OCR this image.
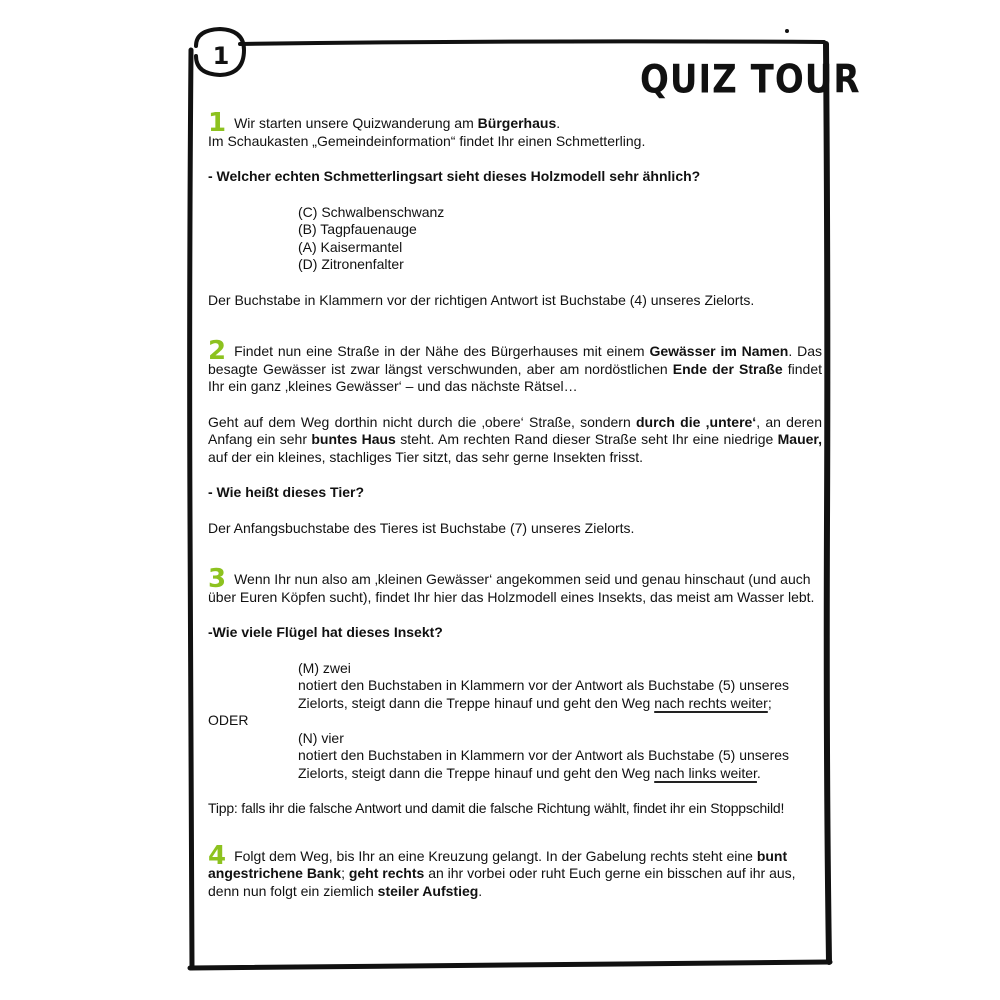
1
QUIZ TOUR

1 Wir starten unsere Quizwanderung am Bürgerhaus.

Im Schaukasten „Gemeindeinformation“ findet Ihr einen Schmetterling.

- Welcher echten Schmetterlingsart sieht dieses Holzmodell sehr ähnlich?

(C) Schwalbenschwanz
(B) Tagpfauenauge
(A) Kaisermantel
(D) Zitronenfalter

Der Buchstabe in Klammern vor der richtigen Antwort ist Buchstabe (4) unseres Zielorts.

2 Findet nun eine Straße in der Nähe des Bürgerhauses mit einem Gewässer im Namen. Das besagte Gewässer ist zwar längst verschwunden, aber am nordöstlichen Ende der Straße findet Ihr ein ganz ‚kleines Gewässer‘ – und das nächste Rätsel…

Geht auf dem Weg dorthin nicht durch die ‚obere‘ Straße, sondern durch die ‚untere‘, an deren Anfang ein sehr buntes Haus steht. Am rechten Rand dieser Straße seht Ihr eine niedrige Mauer, auf der ein kleines, stachliges Tier sitzt, das sehr gerne Insekten frisst.

- Wie heißt dieses Tier?

Der Anfangsbuchstabe des Tieres ist Buchstabe (7) unseres Zielorts.

3 Wenn Ihr nun also am ‚kleinen Gewässer‘ angekommen seid und genau hinschaut (und auch über Euren Köpfen sucht), findet Ihr hier das Holzmodell eines Insekts, das meist am Wasser lebt.

-Wie viele Flügel hat dieses Insekt?

(M) zwei
notiert den Buchstaben in Klammern vor der Antwort als Buchstabe (5) unseres Zielorts, steigt dann die Treppe hinauf und geht den Weg nach rechts weiter;

ODER

(N) vier
notiert den Buchstaben in Klammern vor der Antwort als Buchstabe (5) unseres Zielorts, steigt dann die Treppe hinauf und geht den Weg nach links weiter.

Tipp: falls ihr die falsche Antwort und damit die falsche Richtung wählt, findet ihr ein Stoppschild!

4 Folgt dem Weg, bis Ihr an eine Kreuzung gelangt. In der Gabelung rechts steht eine bunt angestrichene Bank; geht rechts an ihr vorbei oder ruht Euch gerne ein bisschen auf ihr aus, denn nun folgt ein ziemlich steiler Aufstieg.
